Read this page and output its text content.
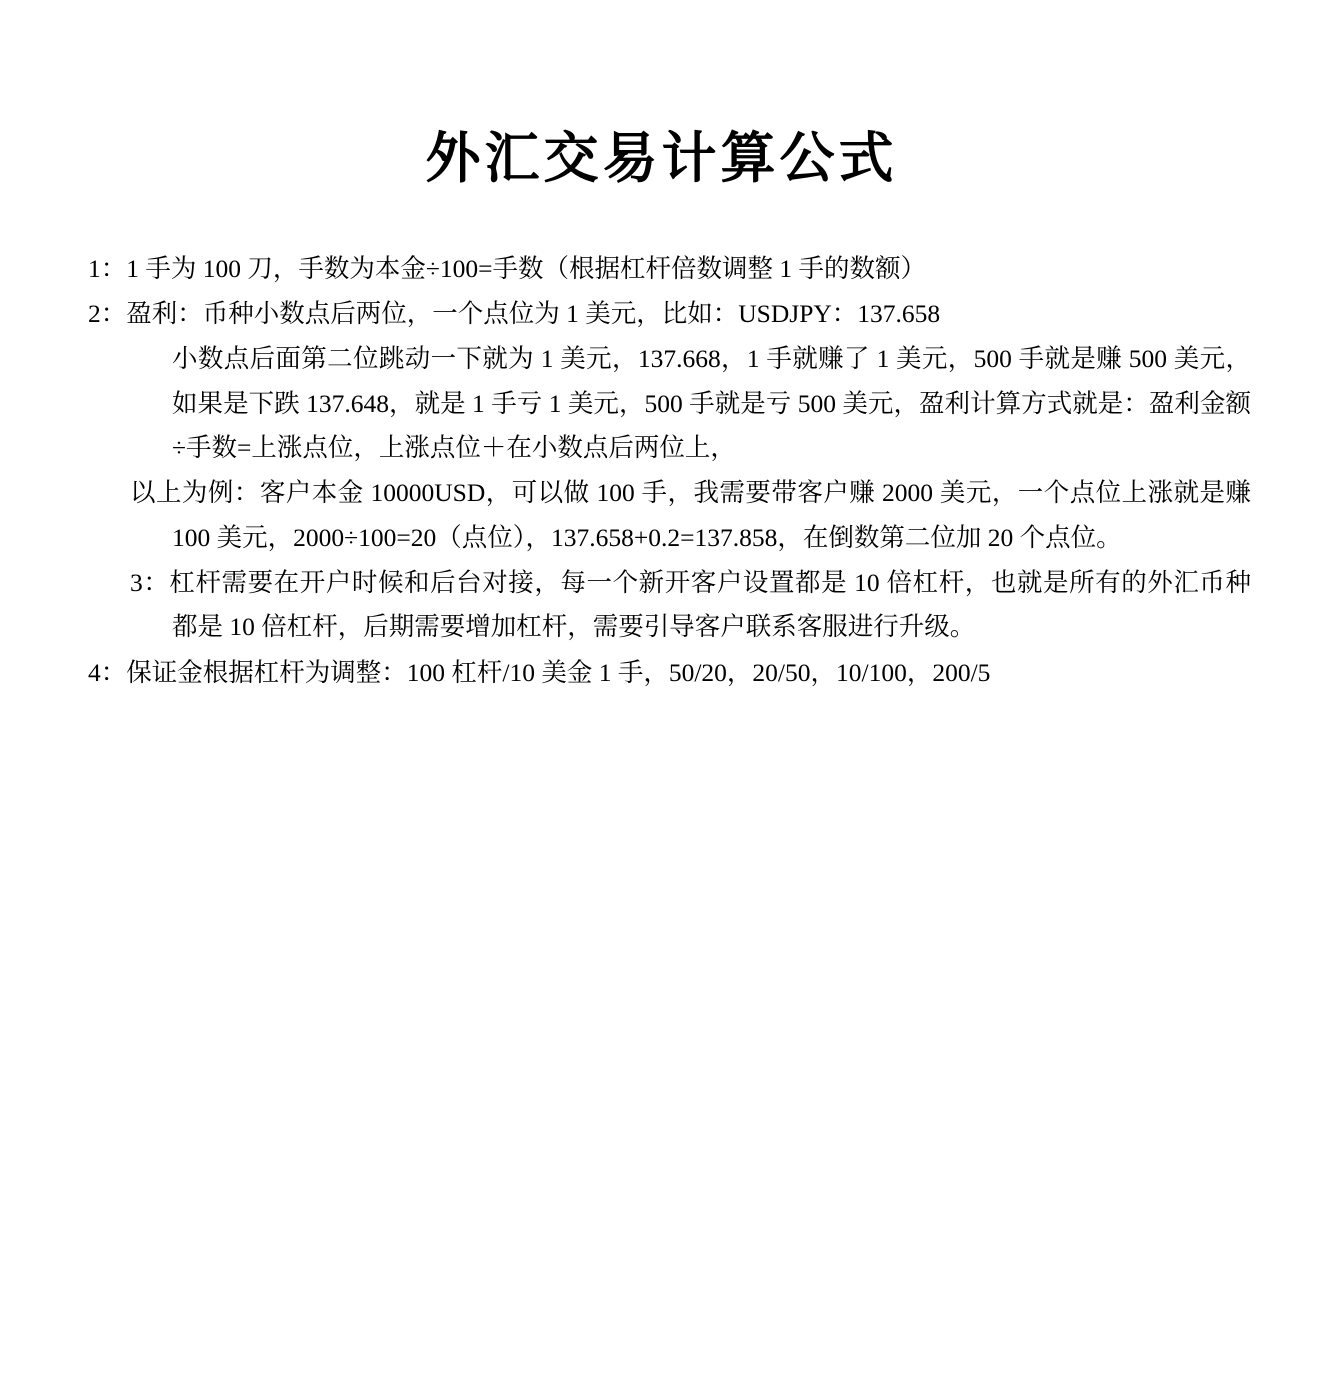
外汇交易计算公式

1：1 手为 100 刀，手数为本金÷100=手数（根据杠杆倍数调整 1 手的数额）

2：盈利：币种小数点后两位，一个点位为 1 美元，比如：USDJPY：137.658

小数点后面第二位跳动一下就为 1 美元，137.668，1 手就赚了 1 美元，500 手就是赚 500 美元，如果是下跌 137.648，就是 1 手亏 1 美元，500 手就是亏 500 美元，盈利计算方式就是：盈利金额÷手数=上涨点位，上涨点位＋在小数点后两位上，

以上为例：客户本金 10000USD，可以做 100 手，我需要带客户赚 2000 美元，一个点位上涨就是赚 100 美元，2000÷100=20（点位），137.658+0.2=137.858，在倒数第二位加 20 个点位。

3：杠杆需要在开户时候和后台对接，每一个新开客户设置都是 10 倍杠杆，也就是所有的外汇币种都是 10 倍杠杆，后期需要增加杠杆，需要引导客户联系客服进行升级。

4：保证金根据杠杆为调整：100 杠杆/10 美金 1 手，50/20，20/50，10/100，200/5
